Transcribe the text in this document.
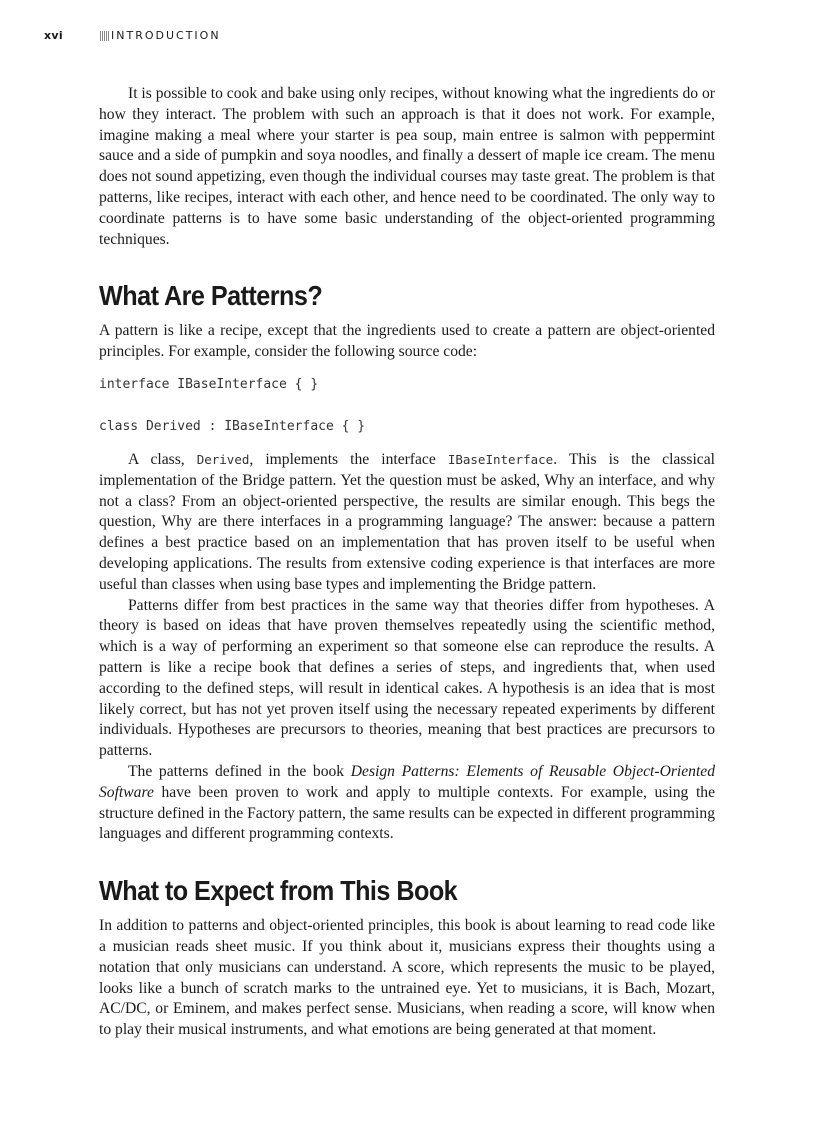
xvi	INTRODUCTION

It is possible to cook and bake using only recipes, without knowing what the ingredients do or how they interact. The problem with such an approach is that it does not work. For example, imagine making a meal where your starter is pea soup, main entree is salmon with peppermint sauce and a side of pumpkin and soya noodles, and finally a dessert of maple ice cream. The menu does not sound appetizing, even though the individual courses may taste great. The problem is that patterns, like recipes, interact with each other, and hence need to be coordinated. The only way to coordinate patterns is to have some basic understanding of the object-oriented programming techniques.

What Are Patterns?

A pattern is like a recipe, except that the ingredients used to create a pattern are object-oriented principles. For example, consider the following source code:

interface IBaseInterface { }
class Derived : IBaseInterface { }

A class, Derived, implements the interface IBaseInterface. This is the classical implementation of the Bridge pattern. Yet the question must be asked, Why an interface, and why not a class? From an object-oriented perspective, the results are similar enough. This begs the question, Why are there interfaces in a programming language? The answer: because a pattern defines a best practice based on an implementation that has proven itself to be useful when developing applications. The results from extensive coding experience is that interfaces are more useful than classes when using base types and implementing the Bridge pattern.

Patterns differ from best practices in the same way that theories differ from hypotheses. A theory is based on ideas that have proven themselves repeatedly using the scientific method, which is a way of performing an experiment so that someone else can reproduce the results. A pattern is like a recipe book that defines a series of steps, and ingredients that, when used according to the defined steps, will result in identical cakes. A hypothesis is an idea that is most likely correct, but has not yet proven itself using the necessary repeated experiments by different individuals. Hypotheses are precursors to theories, meaning that best practices are precursors to patterns.

The patterns defined in the book Design Patterns: Elements of Reusable Object-Oriented Software have been proven to work and apply to multiple contexts. For example, using the structure defined in the Factory pattern, the same results can be expected in different programming languages and different programming contexts.

What to Expect from This Book

In addition to patterns and object-oriented principles, this book is about learning to read code like a musician reads sheet music. If you think about it, musicians express their thoughts using a notation that only musicians can understand. A score, which represents the music to be played, looks like a bunch of scratch marks to the untrained eye. Yet to musicians, it is Bach, Mozart, AC/DC, or Eminem, and makes perfect sense. Musicians, when reading a score, will know when to play their musical instruments, and what emotions are being generated at that moment.
